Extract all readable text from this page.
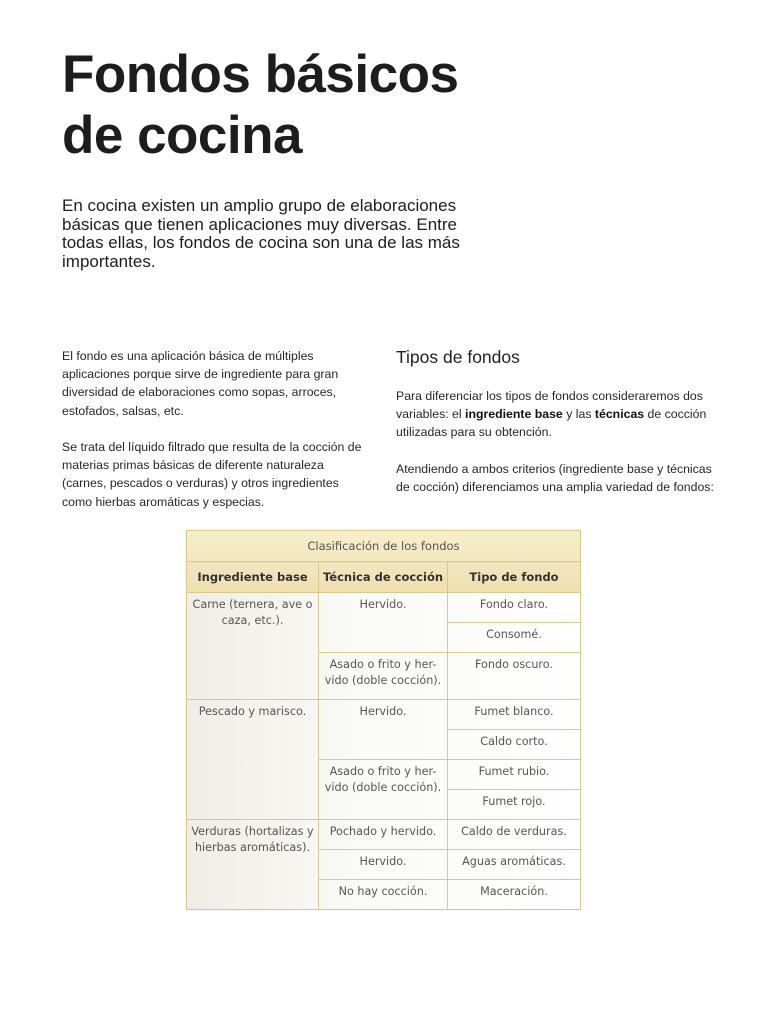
Fondos básicos
de cocina

En cocina existen un amplio grupo de elaboraciones básicas que tienen aplicaciones muy diversas. Entre todas ellas, los fondos de cocina son una de las más importantes.

El fondo es una aplicación básica de múltiples aplicaciones porque sirve de ingrediente para gran diversidad de elaboraciones como sopas, arroces, estofados, salsas, etc.

Se trata del líquido filtrado que resulta de la cocción de materias primas básicas de diferente naturaleza (carnes, pescados o verduras) y otros ingredientes como hierbas aromáticas y especias.

Tipos de fondos

Para diferenciar los tipos de fondos consideraremos dos variables: el ingrediente base y las técnicas de cocción utilizadas para su obtención.

Atendiendo a ambos criterios (ingrediente base y técnicas de cocción) diferenciamos una amplia variedad de fondos:

Clasificación de los fondos
Ingrediente base	Técnica de cocción	Tipo de fondo
Carne (ternera, ave o caza, etc.).	Hervido.	Fondo claro.
		Consomé.
	Asado o frito y her- vido (doble cocción).	Fondo oscuro.
Pescado y marisco.	Hervido.	Fumet blanco.
		Caldo corto.
	Asado o frito y her- vido (doble cocción).	Fumet rubio.
		Fumet rojo.
Verduras (hortalizas y hierbas aromáticas).	Pochado y hervido.	Caldo de verduras.
	Hervido.	Aguas aromáticas.
	No hay cocción.	Maceración.
